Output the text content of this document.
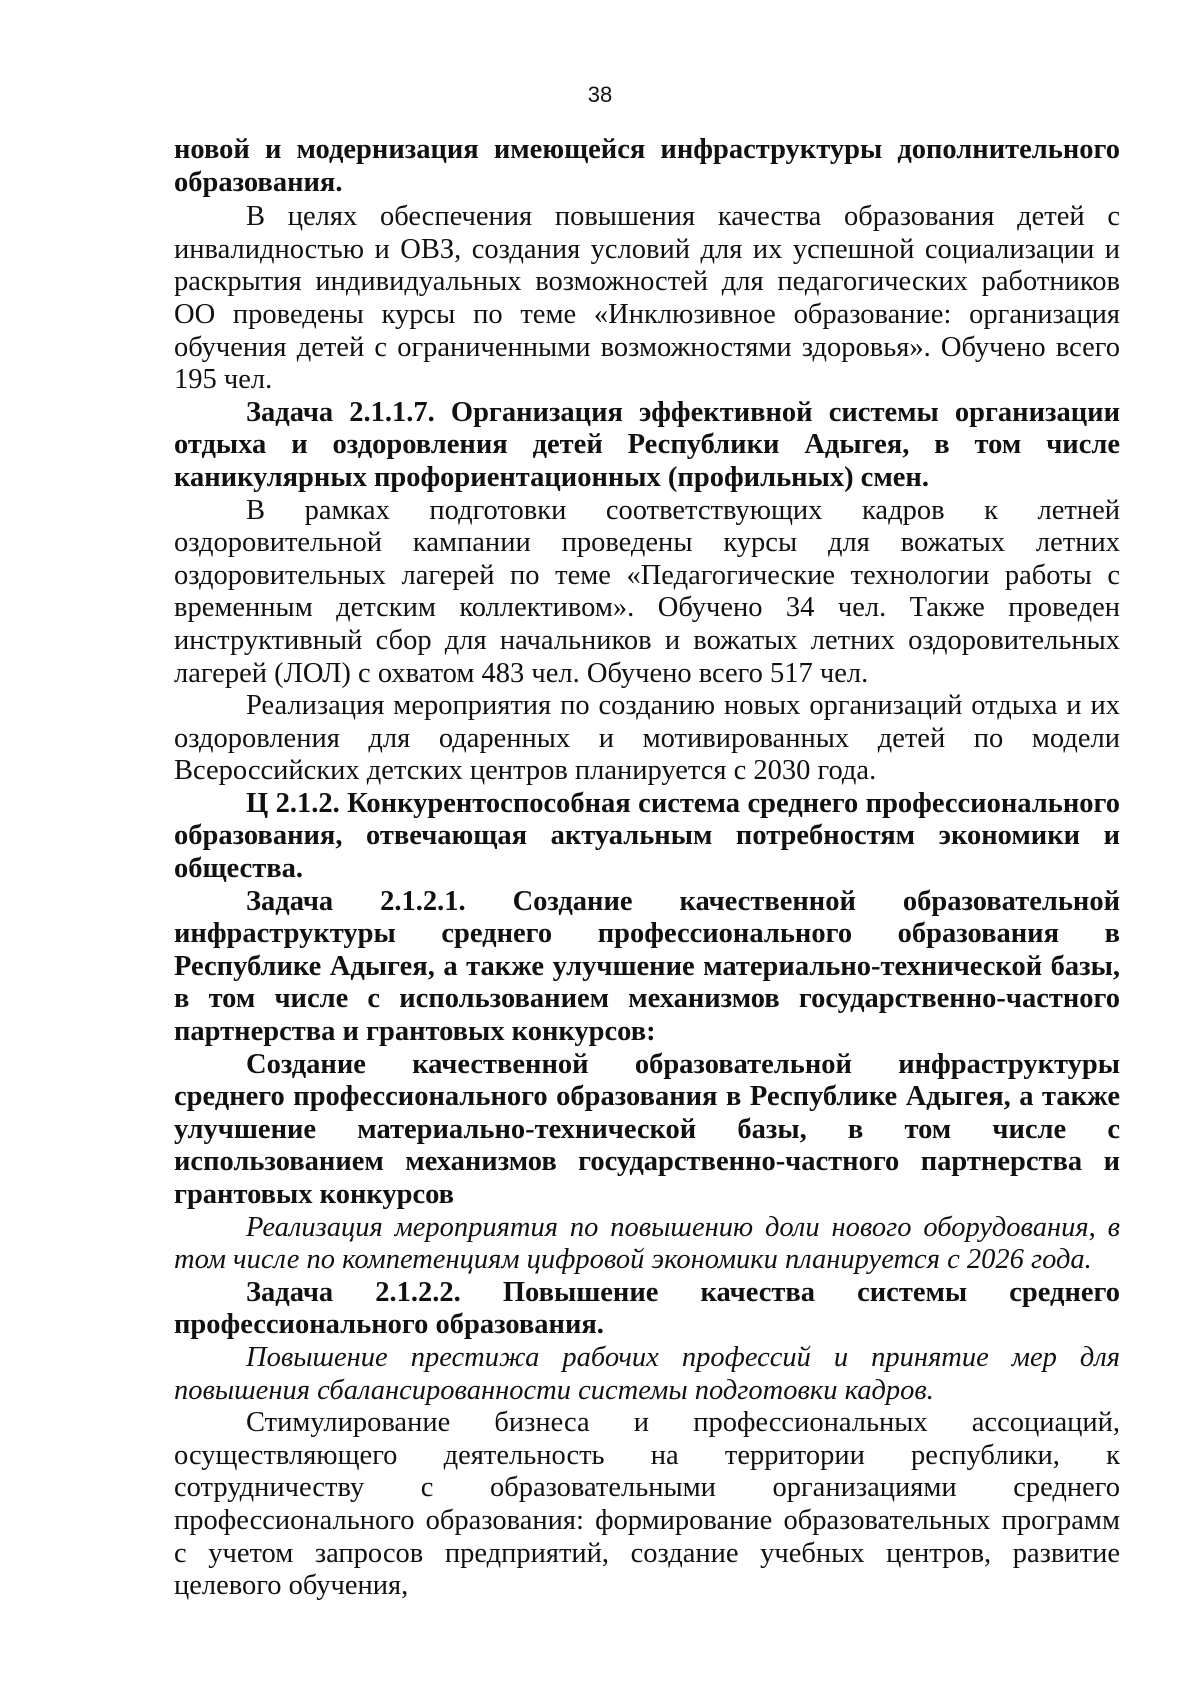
38

новой и модернизация имеющейся инфраструктуры дополнительного образования.

В целях обеспечения повышения качества образования детей с инвалидностью и ОВЗ, создания условий для их успешной социализации и раскрытия индивидуальных возможностей для педагогических работников ОО проведены курсы по теме «Инклюзивное образование: организация обучения детей с ограниченными возможностями здоровья». Обучено всего 195 чел.

Задача 2.1.1.7. Организация эффективной системы организации отдыха и оздоровления детей Республики Адыгея, в том числе каникулярных профориентационных (профильных) смен.

В рамках подготовки соответствующих кадров к летней оздоровительной кампании проведены курсы для вожатых летних оздоровительных лагерей по теме «Педагогические технологии работы с временным детским коллективом». Обучено 34 чел. Также проведен инструктивный сбор для начальников и вожатых летних оздоровительных лагерей (ЛОЛ) с охватом 483 чел. Обучено всего 517 чел.

Реализация мероприятия по созданию новых организаций отдыха и их оздоровления для одаренных и мотивированных детей по модели Всероссийских детских центров планируется с 2030 года.

Ц 2.1.2. Конкурентоспособная система среднего профессионального образования, отвечающая актуальным потребностям экономики и общества.

Задача 2.1.2.1. Создание качественной образовательной инфраструктуры среднего профессионального образования в Республике Адыгея, а также улучшение материально-технической базы, в том числе с использованием механизмов государственно-частного партнерства и грантовых конкурсов:

Создание качественной образовательной инфраструктуры среднего профессионального образования в Республике Адыгея, а также улучшение материально-технической базы, в том числе с использованием механизмов государственно-частного партнерства и грантовых конкурсов

Реализация мероприятия по повышению доли нового оборудования, в том числе по компетенциям цифровой экономики планируется с 2026 года.

Задача 2.1.2.2. Повышение качества системы среднего профессионального образования.

Повышение престижа рабочих профессий и принятие мер для повышения сбалансированности системы подготовки кадров.

Стимулирование бизнеса и профессиональных ассоциаций, осуществляющего деятельность на территории республики, к сотрудничеству с образовательными организациями среднего профессионального образования: формирование образовательных программ с учетом запросов предприятий, создание учебных центров, развитие целевого обучения,
